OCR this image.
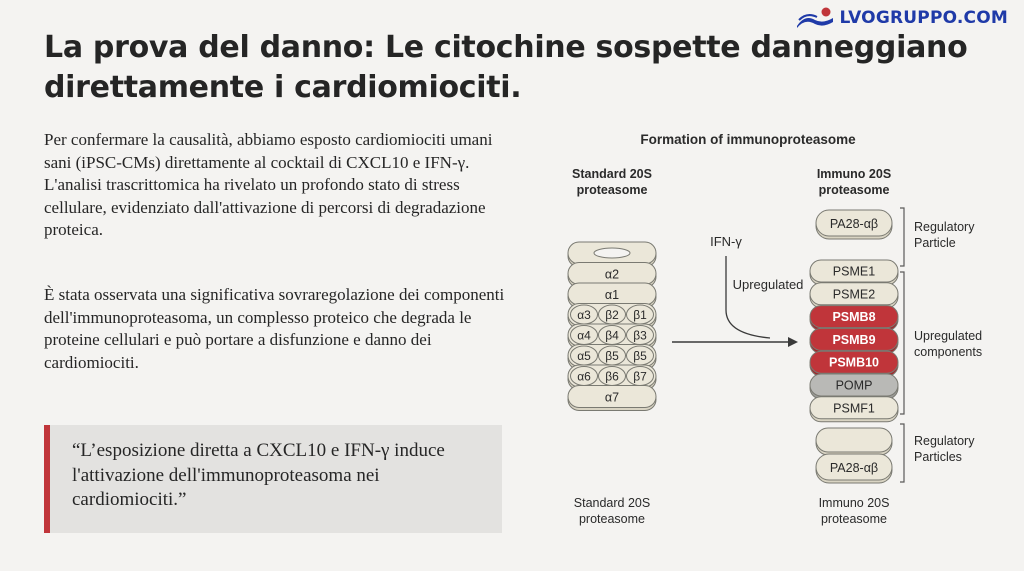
LVOGRUPPO.COM
La prova del danno: Le citochine sospette danneggiano direttamente i cardiomiociti.

Per confermare la causalità, abbiamo esposto cardiomiociti umani sani (iPSC-CMs) direttamente al cocktail di CXCL10 e IFN-γ. L'analisi trascrittomica ha rivelato un profondo stato di stress cellulare, evidenziato dall'attivazione di percorsi di degradazione proteica.

È stata osservata una significativa sovraregolazione dei componenti dell'immunoproteasoma, un complesso proteico che degrada le proteine cellulari e può portare a disfunzione e danno dei cardiomiociti.

“L’esposizione diretta a CXCL10 e IFN-γ induce l'attivazione dell'immunoproteasoma nei cardiomiociti.”
Formation of immunoproteasome
Standard 20S proteasome
α2
α1
α3 β2 β1
α4 β4 β3
α5 β5 β5
α6 β6 β7
α7
Standard 20S proteasome
IFN-γ
Upregulated
Immuno 20S proteasome
PA28-αβ
PSME1
PSME2
PSMB8
PSMB9
PSMB10
POMP
PSMF1
PA28-αβ
Immuno 20S proteasome
Regulatory Particle
Upregulated components
Regulatory Particles
